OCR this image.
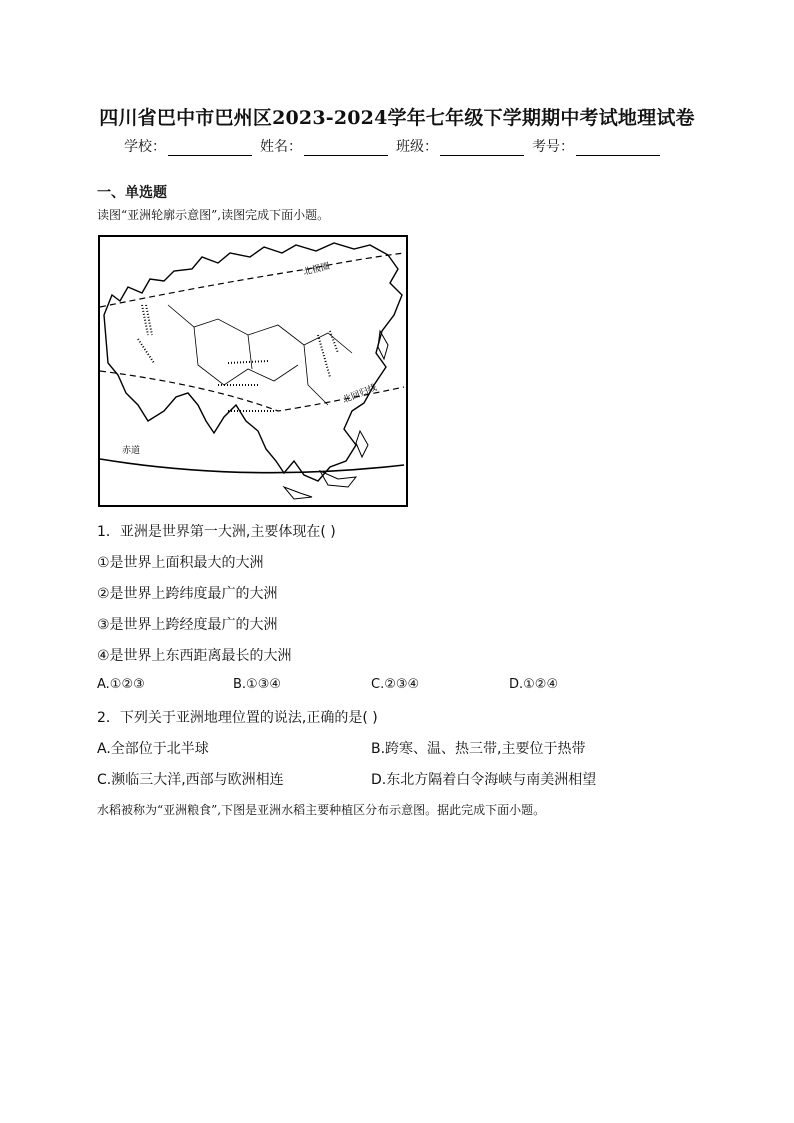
四川省巴中市巴州区2023-2024学年七年级下学期期中考试地理试卷
学校：	姓名：	班级：	考号：
一、单选题
读图“亚洲轮廓示意图”,读图完成下面小题。
北极圈
北回归线
赤道
1．亚洲是世界第一大洲,主要体现在( )
①是世界上面积最大的大洲
②是世界上跨纬度最广的大洲
③是世界上跨经度最广的大洲
④是世界上东西距离最长的大洲
A.①②③	B.①③④	C.②③④	D.①②④
2．下列关于亚洲地理位置的说法,正确的是( )
A.全部位于北半球	B.跨寒、温、热三带,主要位于热带
C.濒临三大洋,西部与欧洲相连	D.东北方隔着白令海峡与南美洲相望
水稻被称为“亚洲粮食”,下图是亚洲水稻主要种植区分布示意图。据此完成下面小题。
